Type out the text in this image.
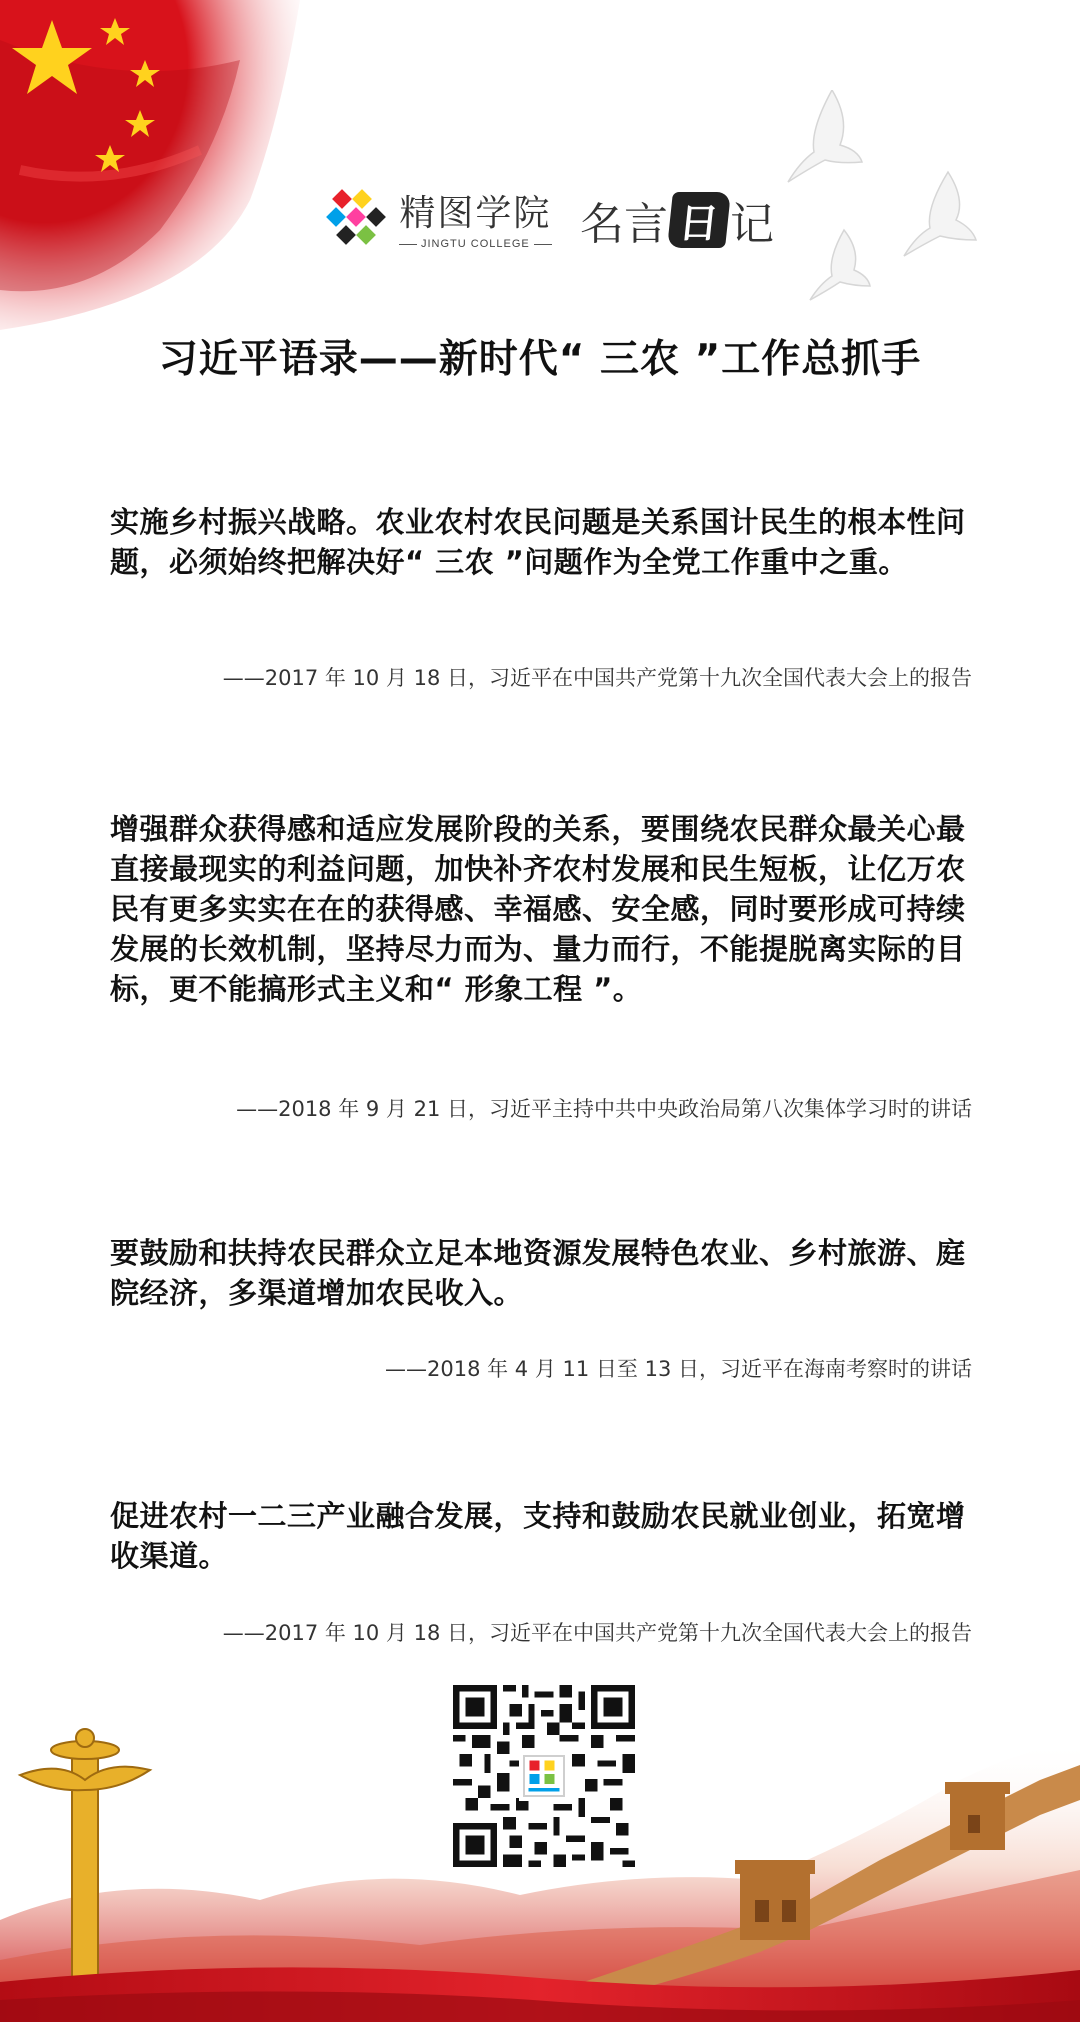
精图学院
JINGTU COLLEGE	名言 日 记
习近平语录——新时代“ 三农 ”工作总抓手

实施乡村振兴战略。农业农村农民问题是关系国计民生的根本性问题，必须始终把解决好“ 三农 ”问题作为全党工作重中之重。

——2017 年 10 月 18 日，习近平在中国共产党第十九次全国代表大会上的报告

增强群众获得感和适应发展阶段的关系，要围绕农民群众最关心最直接最现实的利益问题，加快补齐农村发展和民生短板，让亿万农民有更多实实在在的获得感、幸福感、安全感，同时要形成可持续发展的长效机制，坚持尽力而为、量力而行，不能提脱离实际的目标，更不能搞形式主义和“ 形象工程 ”。

——2018 年 9 月 21 日，习近平主持中共中央政治局第八次集体学习时的讲话

要鼓励和扶持农民群众立足本地资源发展特色农业、乡村旅游、庭院经济，多渠道增加农民收入。

——2018 年 4 月 11 日至 13 日，习近平在海南考察时的讲话

促进农村一二三产业融合发展，支持和鼓励农民就业创业，拓宽增收渠道。

——2017 年 10 月 18 日，习近平在中国共产党第十九次全国代表大会上的报告
